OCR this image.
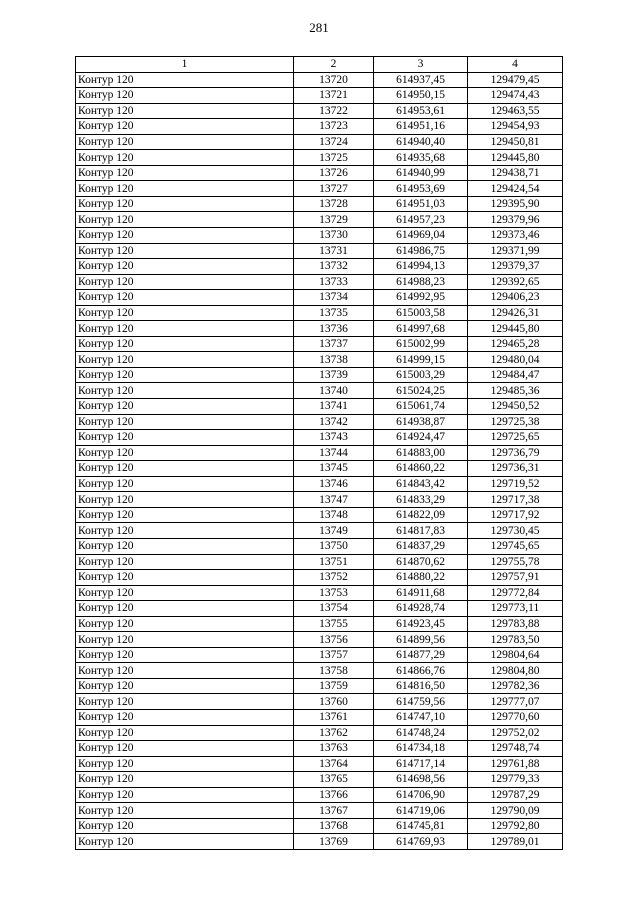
281
1	2	3	4
Контур 120	13720	614937,45	129479,45
Контур 120	13721	614950,15	129474,43
Контур 120	13722	614953,61	129463,55
Контур 120	13723	614951,16	129454,93
Контур 120	13724	614940,40	129450,81
Контур 120	13725	614935,68	129445,80
Контур 120	13726	614940,99	129438,71
Контур 120	13727	614953,69	129424,54
Контур 120	13728	614951,03	129395,90
Контур 120	13729	614957,23	129379,96
Контур 120	13730	614969,04	129373,46
Контур 120	13731	614986,75	129371,99
Контур 120	13732	614994,13	129379,37
Контур 120	13733	614988,23	129392,65
Контур 120	13734	614992,95	129406,23
Контур 120	13735	615003,58	129426,31
Контур 120	13736	614997,68	129445,80
Контур 120	13737	615002,99	129465,28
Контур 120	13738	614999,15	129480,04
Контур 120	13739	615003,29	129484,47
Контур 120	13740	615024,25	129485,36
Контур 120	13741	615061,74	129450,52
Контур 120	13742	614938,87	129725,38
Контур 120	13743	614924,47	129725,65
Контур 120	13744	614883,00	129736,79
Контур 120	13745	614860,22	129736,31
Контур 120	13746	614843,42	129719,52
Контур 120	13747	614833,29	129717,38
Контур 120	13748	614822,09	129717,92
Контур 120	13749	614817,83	129730,45
Контур 120	13750	614837,29	129745,65
Контур 120	13751	614870,62	129755,78
Контур 120	13752	614880,22	129757,91
Контур 120	13753	614911,68	129772,84
Контур 120	13754	614928,74	129773,11
Контур 120	13755	614923,45	129783,88
Контур 120	13756	614899,56	129783,50
Контур 120	13757	614877,29	129804,64
Контур 120	13758	614866,76	129804,80
Контур 120	13759	614816,50	129782,36
Контур 120	13760	614759,56	129777,07
Контур 120	13761	614747,10	129770,60
Контур 120	13762	614748,24	129752,02
Контур 120	13763	614734,18	129748,74
Контур 120	13764	614717,14	129761,88
Контур 120	13765	614698,56	129779,33
Контур 120	13766	614706,90	129787,29
Контур 120	13767	614719,06	129790,09
Контур 120	13768	614745,81	129792,80
Контур 120	13769	614769,93	129789,01
